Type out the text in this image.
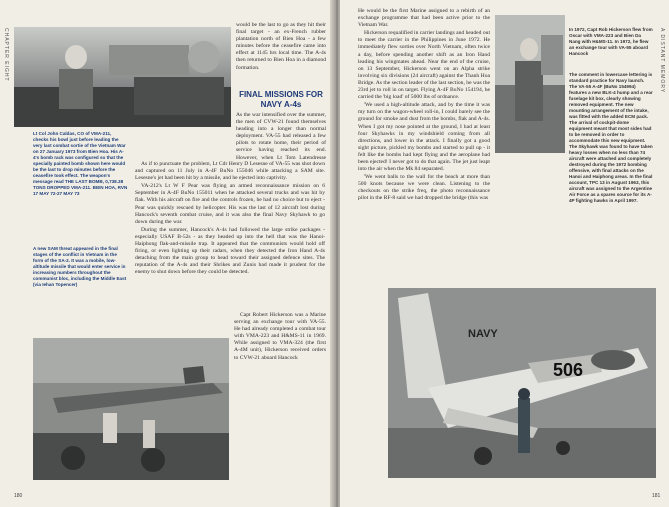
CHAPTER EIGHT

would be the last to go as they hit their final target - an ex-French rubber plantation north of Bien Hoa - a few minutes before the ceasefire came into effect at 1145 hrs local time. The A-4s then returned to Bien Hoa in a diamond formation.

FINAL MISSIONS FOR NAVY A-4s

As the war intensified over the summer, the men of CVW-21 found themselves heading into a longer than normal deployment. VA-55 had released a few pilots to rotate home, their period of service having reached its end. However, when Lt Tom Latendresse

Lt Col John Caldas, CO of VMA-211, checks his bowl just before leading the very last combat sortie of the Vietnam War on 27 January 1973 from Bien Hoa. His A-4's bomb rack was configured so that the specially painted bomb shown here would be the last to drop minutes before the ceasefire took effect. The weapon's message read THE LAST BOMB, 0,738.38 TONS DROPPED VMA-211. BIEN HOA, RVN 17 MAY 72-27 MAY 73

As if to punctuate the problem, Lt Cdr Henry D Lesesne of VA-55 was shot down and captured on 11 July in A-4F BuNo 155046 while attacking a SAM site. Lesesne's jet had been hit by a missile, and he ejected into captivity.

VA-212's Lt W F Pear was flying an armed reconnaissance mission on 6 September in A-4F BuNo 155011 when he attacked several trucks and was hit by flak. With his aircraft on fire and the controls frozen, he had no choice but to eject - Pear was quickly rescued by helicopter. His was the last of 12 aircraft lost during Hancock's seventh combat cruise, and it was also the final Navy Skyhawk to go down during the war.

During the summer, Hancock's A-4s had followed the large strike packages - especially USAF B-52s - as they headed up into the hell that was the Hanoi-Haiphong flak-and-missile trap. It appeared that the communists would hold off firing, or even lighting up their radars, when they detected the Iron Hand A-4s detaching from the main group to head toward their assigned defence sites. The reputation of the A-4s and their Shrikes and Zunis had made it prudent for the enemy to shut down before they could be detected.

A new SAM threat appeared in the final stages of the conflict in Vietnam in the form of the SA-2. It was a mobile, low-altitude missile that would enter service in increasing numbers throughout the communist bloc, including the Middle East (via Iehan Topencer)

Capt Robert Hickerson was a Marine serving an exchange tour with VA-55. He had already completed a combat tour with VMA-223 and H&MS-11 in 1969. While assigned to VMA-324 (the first A-4M unit), Hickerson received orders to CVW-21 aboard Hancock

180
A DISTANT MEMORY

He would be the first Marine assigned to a rebirth of an exchange programme that had been active prior to the Vietnam War.

Hickerson requalified in carrier landings and headed out to meet the carrier in the Philippines in June 1972. He immediately flew sorties over North Vietnam, often twice a day, before spending another shift as an Iron Hand leading his wingmates ahead. Near the end of the cruise, on 13 September, Hickerson went on an Alpha strike involving six divisions (24 aircraft) against the Thanh Hoa Bridge. As the section leader of the last section, he was the 23rd jet to roll in on target. Flying A-4F BuNo 154194, he carried the 'big load' of 5000 lbs of ordnance.

'We used a high-altitude attack, and by the time it was my turn on the wagon-wheel roll-in, I could barely see the ground for smoke and dust from the bombs, flak and A-4s. When I got my nose pointed at the ground, I had at least four Skyhawks in my windshield coming from all directions, and lower in the attack. I finally got a good sight picture, pickled my bombs and started to pull up - it felt like the bombs had kept flying and the aeroplane had been ejected! I never got to do that again. The jet just leapt into the air when the Mk 84 separated.

'We went balls to the wall for the beach at more than 500 knots because we were clean. Listening to the checkouts on the strike freq, the photo reconnaissance pilot in the RF-8 said we had dropped the bridge (this was

In 1972, Capt Rob Hickerson flew from Oscar with VMA-223 and Bien Da Nang with H&MS-11. In 1972, he flew an exchange tour with VA-55 aboard Hancock
The comment in lowercase lettering is standard practice for Navy launch. The VA-55 A-4F (BuNo 154994) features a new BLK-4 hump and a rear fuselage kit box, clearly showing removed equipment. The new mounting arrangement of the intake, was fitted with the added ECM pack. The arrival of cockpit-dome equipment meant that most sides had to be removed in order to accommodate this new equipment. The Skyhawk was found to have taken heavy losses when no less than 74 aircraft were attached and completely destroyed during the 1972 bombing offensive, with final attacks on the Hanoi and Haiphong areas. In the final account, TPC 13 in August 1963, this aircraft was assigned to the Argentine Air Force as a spares source for its A-4P fighting hawks in April 1997.
NAVY
506
181
